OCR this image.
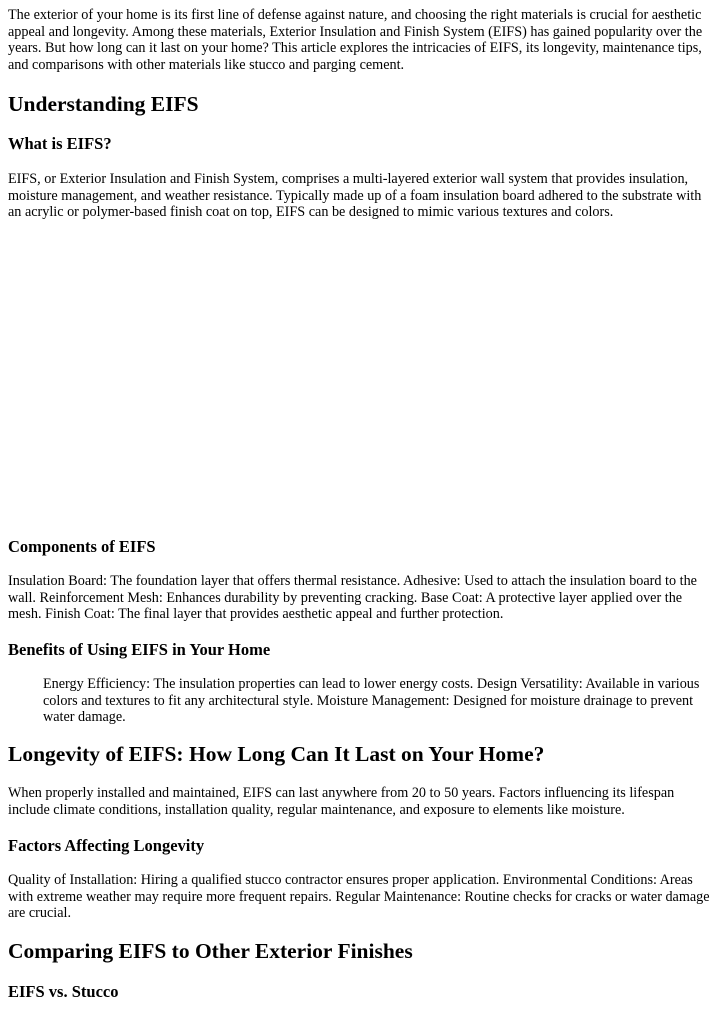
The exterior of your home is its first line of defense against nature, and choosing the right materials is crucial for aesthetic appeal and longevity. Among these materials, Exterior Insulation and Finish System (EIFS) has gained popularity over the years. But how long can it last on your home? This article explores the intricacies of EIFS, its longevity, maintenance tips, and comparisons with other materials like stucco and parging cement.

Understanding EIFS
What is EIFS?

EIFS, or Exterior Insulation and Finish System, comprises a multi-layered exterior wall system that provides insulation, moisture management, and weather resistance. Typically made up of a foam insulation board adhered to the substrate with an acrylic or polymer-based finish coat on top, EIFS can be designed to mimic various textures and colors.

Components of EIFS

Insulation Board: The foundation layer that offers thermal resistance. Adhesive: Used to attach the insulation board to the wall. Reinforcement Mesh: Enhances durability by preventing cracking. Base Coat: A protective layer applied over the mesh. Finish Coat: The final layer that provides aesthetic appeal and further protection.

Benefits of Using EIFS in Your Home

Energy Efficiency: The insulation properties can lead to lower energy costs. Design Versatility: Available in various colors and textures to fit any architectural style. Moisture Management: Designed for moisture drainage to prevent water damage.

Longevity of EIFS: How Long Can It Last on Your Home?

When properly installed and maintained, EIFS can last anywhere from 20 to 50 years. Factors influencing its lifespan include climate conditions, installation quality, regular maintenance, and exposure to elements like moisture.

Factors Affecting Longevity

Quality of Installation: Hiring a qualified stucco contractor ensures proper application. Environmental Conditions: Areas with extreme weather may require more frequent repairs. Regular Maintenance: Routine checks for cracks or water damage are crucial.

Comparing EIFS to Other Exterior Finishes
EIFS vs. Stucco
